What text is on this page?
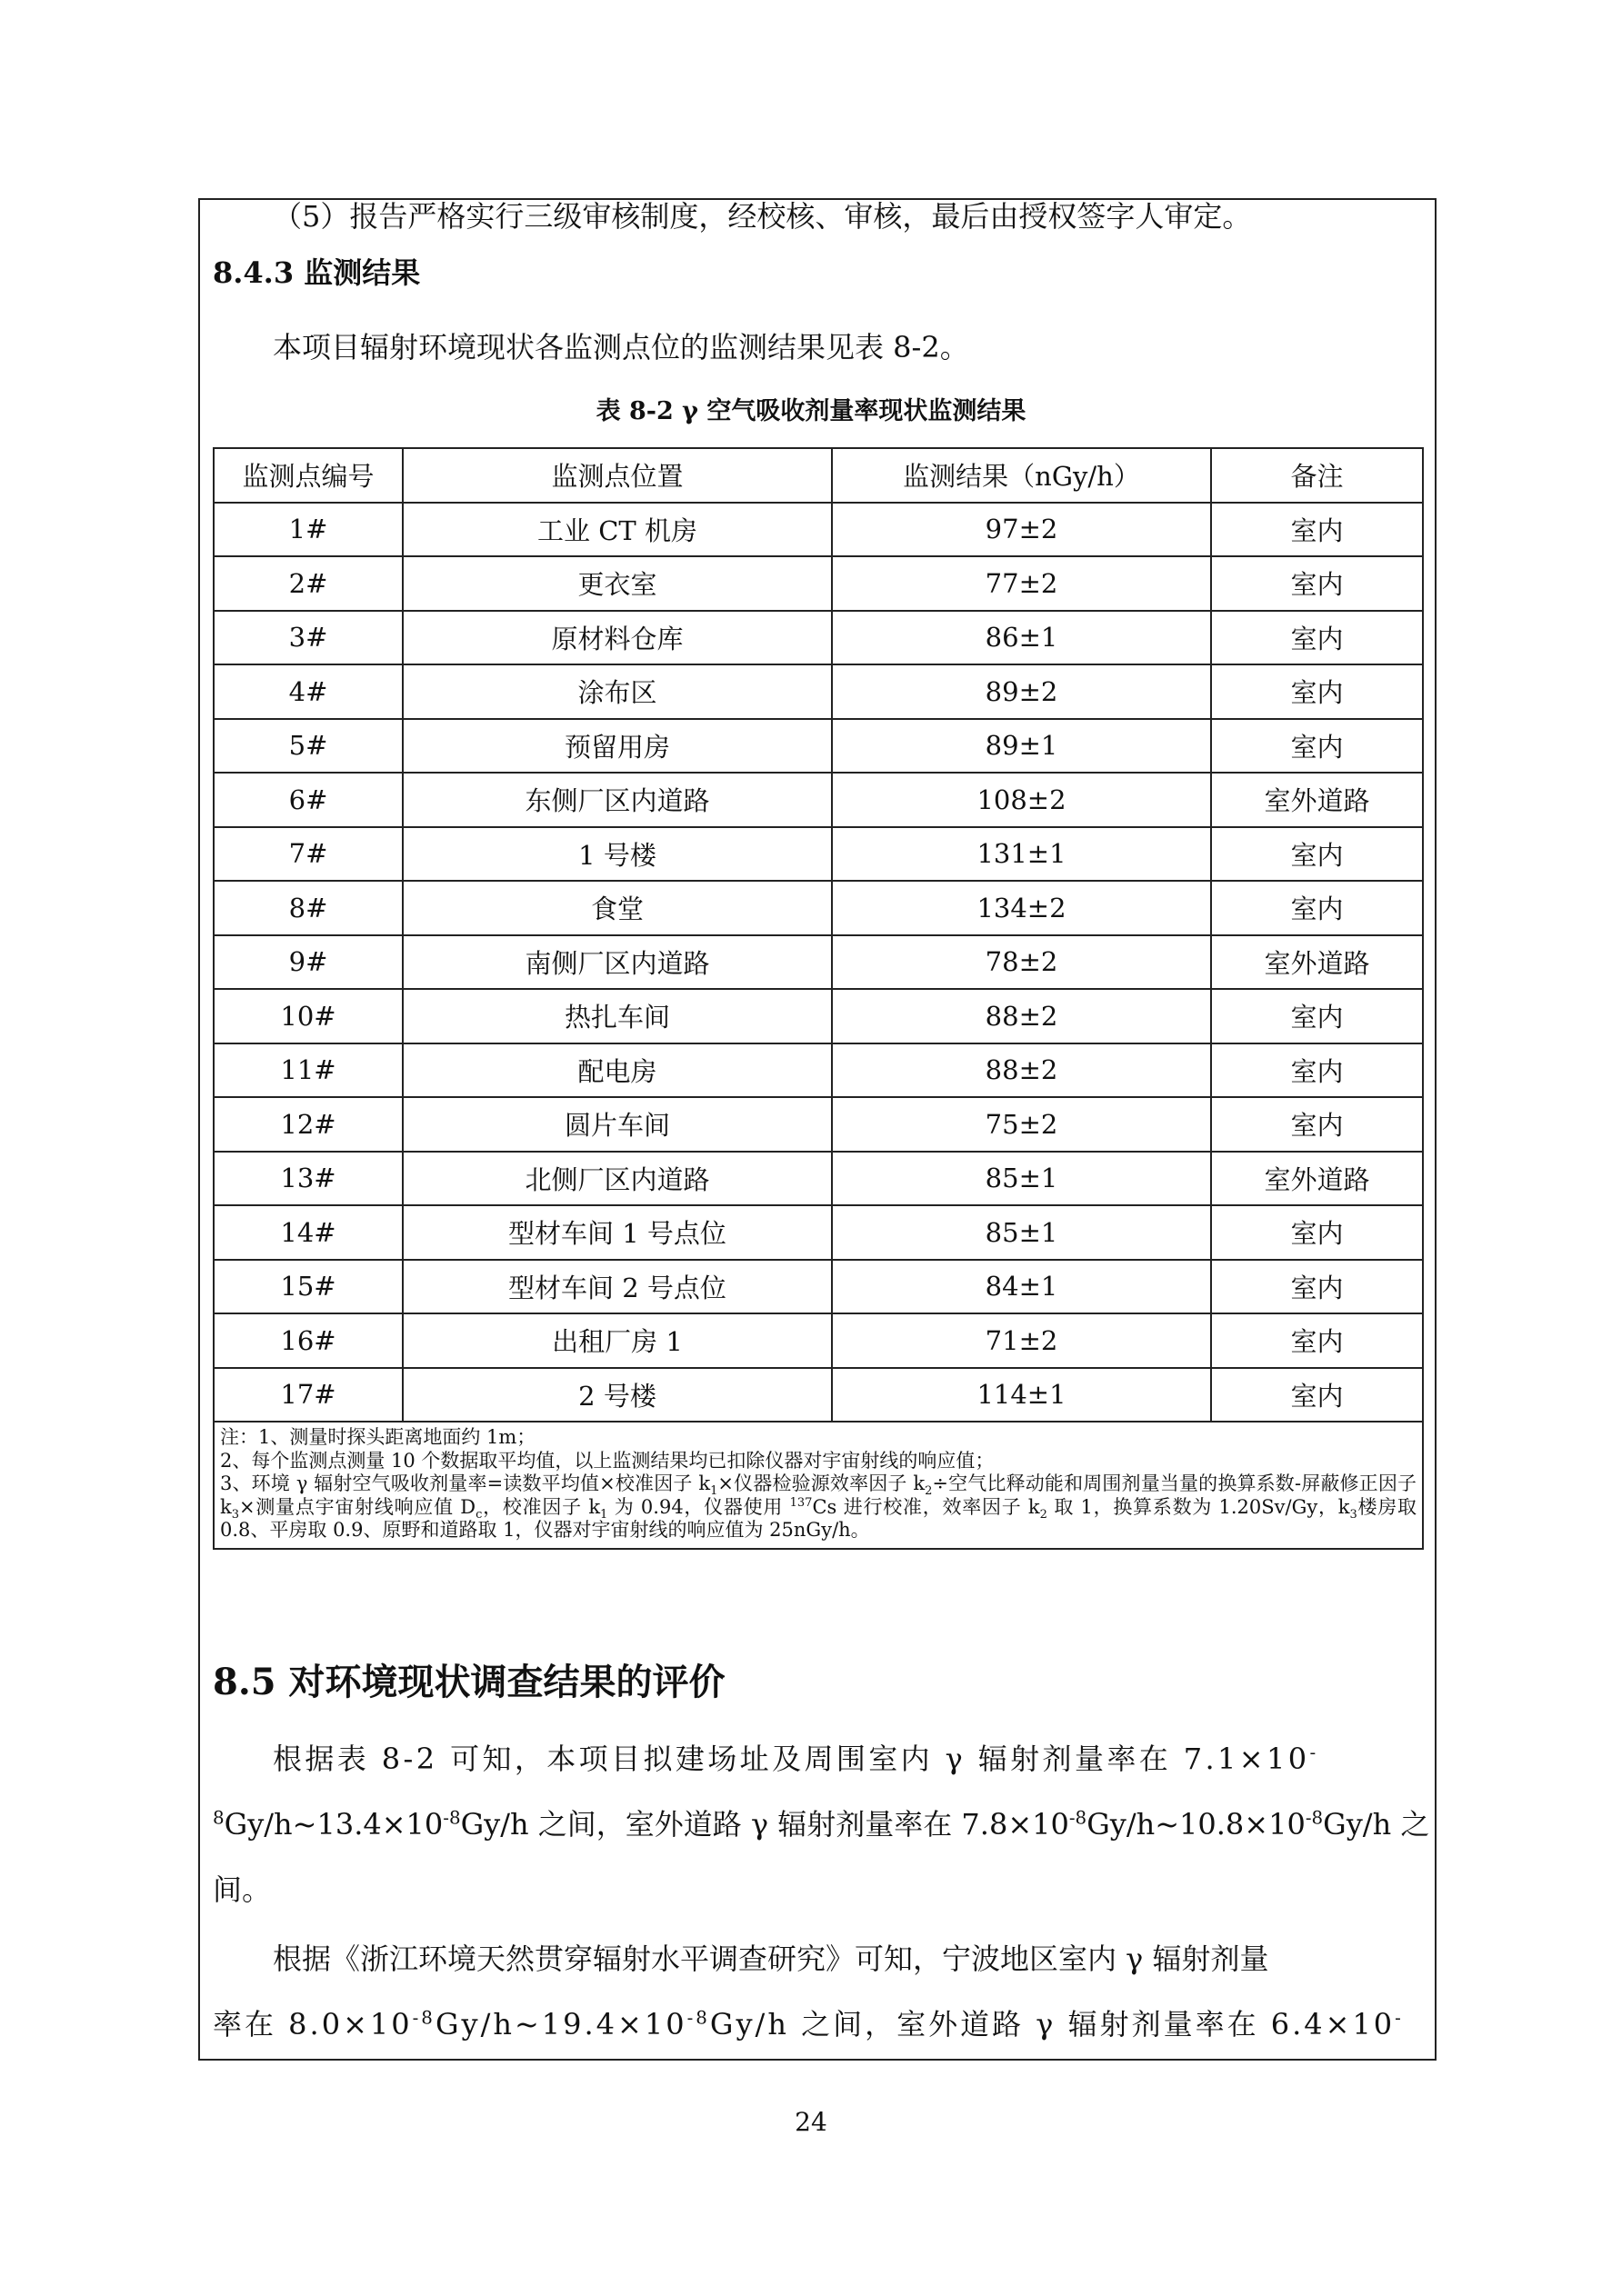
（5）报告严格实行三级审核制度，经校核、审核，最后由授权签字人审定。
8.4.3 监测结果
本项目辐射环境现状各监测点位的监测结果见表 8-2。
表 8-2 γ 空气吸收剂量率现状监测结果
监测点编号	监测点位置	监测结果（nGy/h）	备注
1#	工业 CT 机房	97±2	室内
2#	更衣室	77±2	室内
3#	原材料仓库	86±1	室内
4#	涂布区	89±2	室内
5#	预留用房	89±1	室内
6#	东侧厂区内道路	108±2	室外道路
7#	1 号楼	131±1	室内
8#	食堂	134±2	室内
9#	南侧厂区内道路	78±2	室外道路
10#	热扎车间	88±2	室内
11#	配电房	88±2	室内
12#	圆片车间	75±2	室内
13#	北侧厂区内道路	85±1	室外道路
14#	型材车间 1 号点位	85±1	室内
15#	型材车间 2 号点位	84±1	室内
16#	出租厂房 1	71±2	室内
17#	2 号楼	114±1	室内

注：1、测量时探头距离地面约 1m；
2、每个监测点测量 10 个数据取平均值，以上监测结果均已扣除仪器对宇宙射线的响应值；
3、环境 γ 辐射空气吸收剂量率=读数平均值×校准因子 $k_1\times$仪器检验源效率因子 $k_2\div$空气比释动能和周围剂量当量的换算系数-屏蔽修正因子 $k_3\times$测量点宇宙射线响应值 $D_c$，校准因子 $k_1$ 为 0.94，仪器使用 $^{137}$Cs 进行校准，效率因子 $k_2$ 取 1，换算系数为 1.20Sv/Gy，$k_3$楼房取 0.8、平房取 0.9、原野和道路取 1，仪器对宇宙射线的响应值为 25nGy/h。			
8.5 对环境现状调查结果的评价
根据表 8-2 可知，本项目拟建场址及周围室内 γ 辐射剂量率在 7.1×10-
$^8Gy/h\sim 13.4\times 10^{-8}Gy/h$ 之间，室外道路 γ 辐射剂量率在 $7.8\times 10^{-8}Gy/h\sim 10.8\times 10^{-8}Gy/h$ 之
间。
根据《浙江环境天然贯穿辐射水平调查研究》可知，宁波地区室内 γ 辐射剂量
率在 $8.0\times 10^{-8}Gy/h\sim 19.4\times 10^{-8}Gy/h$ 之间，室外道路 γ 辐射剂量率在 6.4×10-
24
